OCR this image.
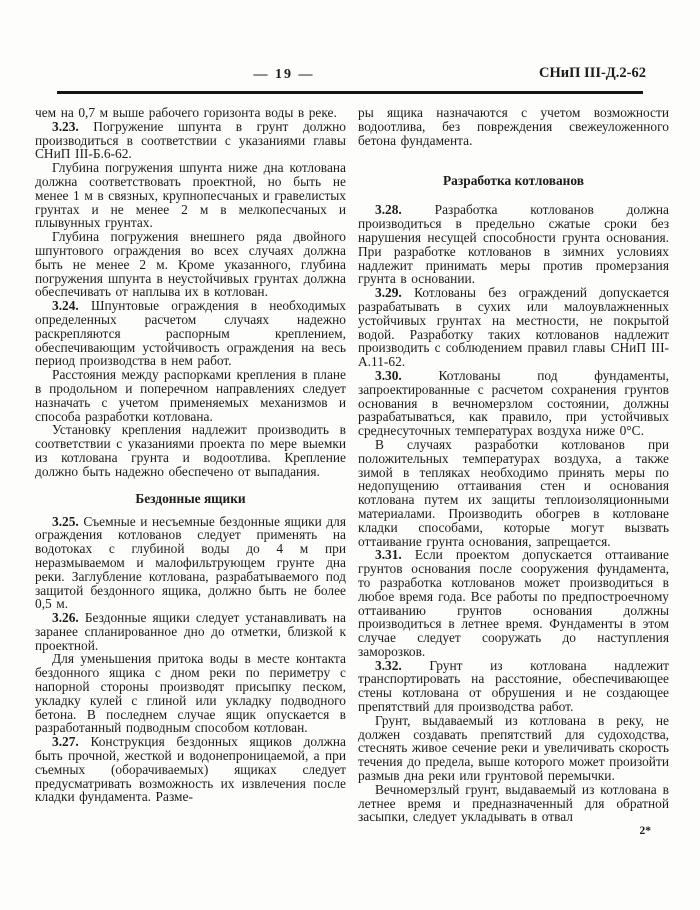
— 19 —	СНиП III-Д.2-62

чем на 0,7 м выше рабочего горизонта воды в реке.

3.23. Погружение шпунта в грунт должно производиться в соответствии с указаниями главы СНиП III-Б.6-62.

Глубина погружения шпунта ниже дна котлована должна соответствовать проектной, но быть не менее 1 м в связных, крупнопесчаных и гравелистых грунтах и не менее 2 м в мелкопесчаных и плывунных грунтах.

Глубина погружения внешнего ряда двойного шпунтового ограждения во всех случаях должна быть не менее 2 м. Кроме указанного, глубина погружения шпунта в неустойчивых грунтах должна обеспечивать от наплыва их в котлован.

3.24. Шпунтовые ограждения в необходимых определенных расчетом случаях надежно раскрепляются распорным креплением, обеспечивающим устойчивость ограждения на весь период производства в нем работ.

Расстояния между распорками крепления в плане в продольном и поперечном направлениях следует назначать с учетом применяемых механизмов и способа разработки котлована.

Установку крепления надлежит производить в соответствии с указаниями проекта по мере выемки из котлована грунта и водоотлива. Крепление должно быть надежно обеспечено от выпадания.

Бездонные ящики

3.25. Съемные и несъемные бездонные ящики для ограждения котлованов следует применять на водотоках с глубиной воды до 4 м при неразмываемом и малофильтрующем грунте дна реки. Заглубление котлована, разрабатываемого под защитой бездонного ящика, должно быть не более 0,5 м.

3.26. Бездонные ящики следует устанавливать на заранее спланированное дно до отметки, близкой к проектной.

Для уменьшения притока воды в месте контакта бездонного ящика с дном реки по периметру с напорной стороны производят присыпку песком, укладку кулей с глиной или укладку подводного бетона. В последнем случае ящик опускается в разработанный подводным способом котлован.

3.27. Конструкция бездонных ящиков должна быть прочной, жесткой и водонепроницаемой, а при съемных (оборачиваемых) ящиках следует предусматривать возможность их извлечения после кладки фундамента. Разме-

ры ящика назначаются с учетом возможности водоотлива, без повреждения свежеуложенного бетона фундамента.

Разработка котлованов

3.28. Разработка котлованов должна производиться в предельно сжатые сроки без нарушения несущей способности грунта основания. При разработке котлованов в зимних условиях надлежит принимать меры против промерзания грунта в основании.

3.29. Котлованы без ограждений допускается разрабатывать в сухих или малоувлажненных устойчивых грунтах на местности, не покрытой водой. Разработку таких котлованов надлежит производить с соблюдением правил главы СНиП III-А.11-62.

3.30. Котлованы под фундаменты, запроектированные с расчетом сохранения грунтов основания в вечномерзлом состоянии, должны разрабатываться, как правило, при устойчивых среднесуточных температурах воздуха ниже 0°С.

В случаях разработки котлованов при положительных температурах воздуха, а также зимой в тепляках необходимо принять меры по недопущению оттаивания стен и основания котлована путем их защиты теплоизоляционными материалами. Производить обогрев в котловане кладки способами, которые могут вызвать оттаивание грунта основания, запрещается.

3.31. Если проектом допускается оттаивание грунтов основания после сооружения фундамента, то разработка котлованов может производиться в любое время года. Все работы по предпостроечному оттаиванию грунтов основания должны производиться в летнее время. Фундаменты в этом случае следует сооружать до наступления заморозков.

3.32. Грунт из котлована надлежит транспортировать на расстояние, обеспечивающее стены котлована от обрушения и не создающее препятствий для производства работ.

Грунт, выдаваемый из котлована в реку, не должен создавать препятствий для судоходства, стеснять живое сечение реки и увеличивать скорость течения до предела, выше которого может произойти размыв дна реки или грунтовой перемычки.

Вечномерзлый грунт, выдаваемый из котлована в летнее время и предназначенный для обратной засыпки, следует укладывать в отвал

2*
